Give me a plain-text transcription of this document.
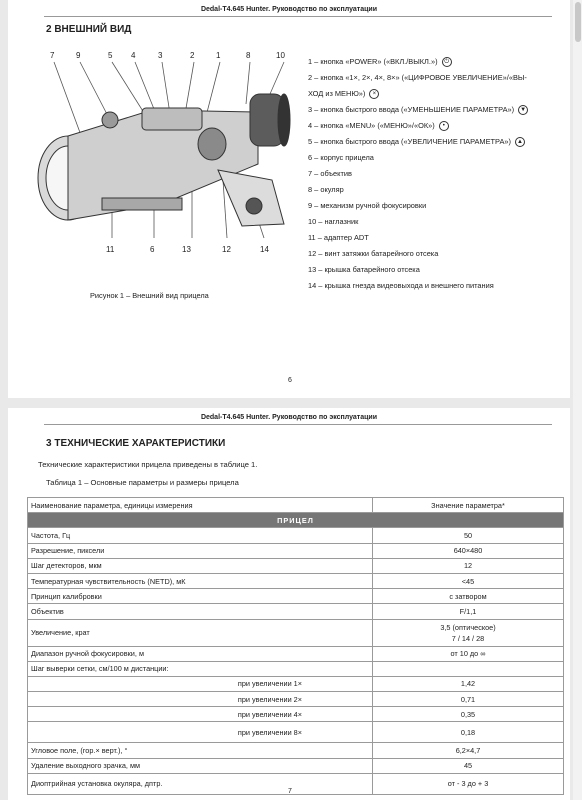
Dedal-T4.645 Hunter. Руководство по эксплуатации
2 ВНЕШНИЙ ВИД
7	9	5 4	3	2	1	8	10
11	6	13	12	14
Рисунок 1 – Внешний вид прицела
1 – кнопка «POWER» («ВКЛ./ВЫКЛ.») ⏻
2 – кнопка «1×, 2×, 4×, 8×» («ЦИФРОВОЕ УВЕЛИЧЕНИЕ»/«ВЫ-
ХОД из МЕНЮ») ×
3 – кнопка быстрого ввода («УМЕНЬШЕНИЕ ПАРАМЕТРА») ▼
4 – кнопка «MENU» («МЕНЮ»/«ОК») •
5 – кнопка быстрого ввода («УВЕЛИЧЕНИЕ ПАРАМЕТРА») ▲
6 – корпус прицела
7 – объектив
8 – окуляр
9 – механизм ручной фокусировки
10 – наглазник
11 – адаптер ADT
12 – винт затяжки батарейного отсека
13 – крышка батарейного отсека
14 – крышка гнезда видеовыхода и внешнего питания
6
Dedal-T4.645 Hunter. Руководство по эксплуатации
3 ТЕХНИЧЕСКИЕ ХАРАКТЕРИСТИКИ
7
Технические характеристики прицела приведены в таблице 1.
Таблица 1 – Основные параметры и размеры прицела
Наименование параметра, единицы измерения	Значение параметра*
ПРИЦЕЛ	
Частота, Гц	50
Разрешение, пиксели	640×480
Шаг детекторов, мкм	12
Температурная чувствительность (NETD), мК	<45
Принцип калибровки	с затвором
Объектив	F/1,1
Увеличение, крат	3,5 (оптическое)
7 / 14 / 28
Диапазон ручной фокусировки, м	от 10 до ∞
Шаг выверки сетки, см/100 м дистанции:	
при увеличении 1×	1,42
при увеличении 2×	0,71
при увеличении 4×	0,35
при увеличении 8×	0,18
Угловое поле, (гор.× верт.), °	6,2×4,7
Удаление выходного зрачка, мм	45
Диоптрийная установка окуляра, дптр.	от - 3 до + 3
